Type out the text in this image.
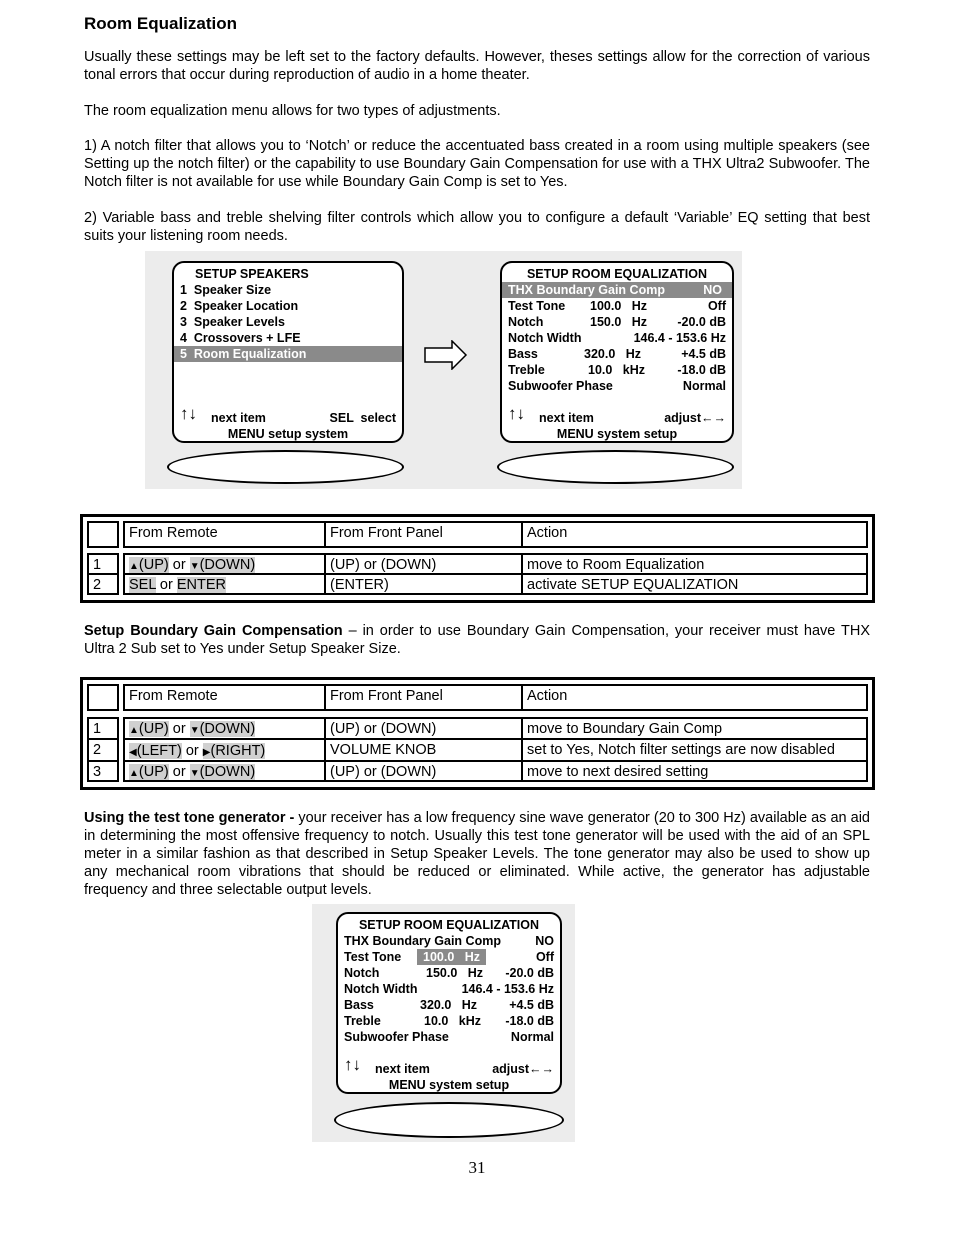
Room Equalization
Usually these settings may be left set to the factory defaults. However, theses settings allow for the correction of various tonal errors that occur during reproduction of audio in a home theater.
The room equalization menu allows for two types of adjustments.
1) A notch filter that allows you to ‘Notch’ or reduce the accentuated bass created in a room using multiple speakers (see Setting up the notch filter) or the capability to use Boundary Gain Compensation for use with a THX Ultra2 Subwoofer. The Notch filter is not available for use while Boundary Gain Comp is set to Yes.
2) Variable bass and treble shelving filter controls which allow you to configure a default ‘Variable’ EQ setting that best suits your listening room needs.
SETUP SPEAKERS
1  Speaker Size
2  Speaker Location
3  Speaker Levels
4  Crossovers + LFE
5  Room Equalization
↑↓ next item	SEL  select
MENU setup system
SETUP ROOM EQUALIZATION
THX Boundary Gain Comp	NO
Test Tone	100.0   Hz	Off
Notch	150.0   Hz -20.0 dB
Notch Width	146.4 - 153.6 Hz
Bass	320.0   Hz	+4.5 dB
Treble	10.0   kHz	-18.0 dB
Subwoofer Phase	Normal
↑↓ next item	adjust ←→
MENU system setup
From Remote	From Front Panel	Action
1	▲(UP) or ▼(DOWN)	(UP) or (DOWN)	move to Room Equalization
2	SEL or ENTER	(ENTER)	activate SETUP EQUALIZATION
Setup Boundary Gain Compensation – in order to use Boundary Gain Compensation, your receiver must have THX Ultra 2 Sub set to Yes under Setup Speaker Size.
From Remote	From Front Panel	Action
1	▲(UP) or ▼(DOWN)	(UP) or (DOWN)	move to Boundary Gain Comp
2	◀(LEFT) or ▶(RIGHT)	VOLUME KNOB	set to Yes, Notch filter settings are now disabled
3	▲(UP) or ▼(DOWN)	(UP) or (DOWN)	move to next desired setting
Using the test tone generator - your receiver has a low frequency sine wave generator (20 to 300 Hz) available as an aid in determining the most offensive frequency to notch. Usually this test tone generator will be used with the aid of an SPL meter in a similar fashion as that described in Setup Speaker Levels. The tone generator may also be used to show up any mechanical room vibrations that should be reduced or eliminated. While active, the generator has adjustable frequency and three selectable output levels.
SETUP ROOM EQUALIZATION
THX Boundary Gain Comp	NO
Test Tone	100.0   Hz	Off
Notch	150.0   Hz -20.0 dB
Notch Width	146.4 - 153.6 Hz
Bass	320.0   Hz	+4.5 dB
Treble	10.0   kHz -18.0 dB
Subwoofer Phase	Normal
↑↓ next item	adjust ←→
MENU system setup
31
